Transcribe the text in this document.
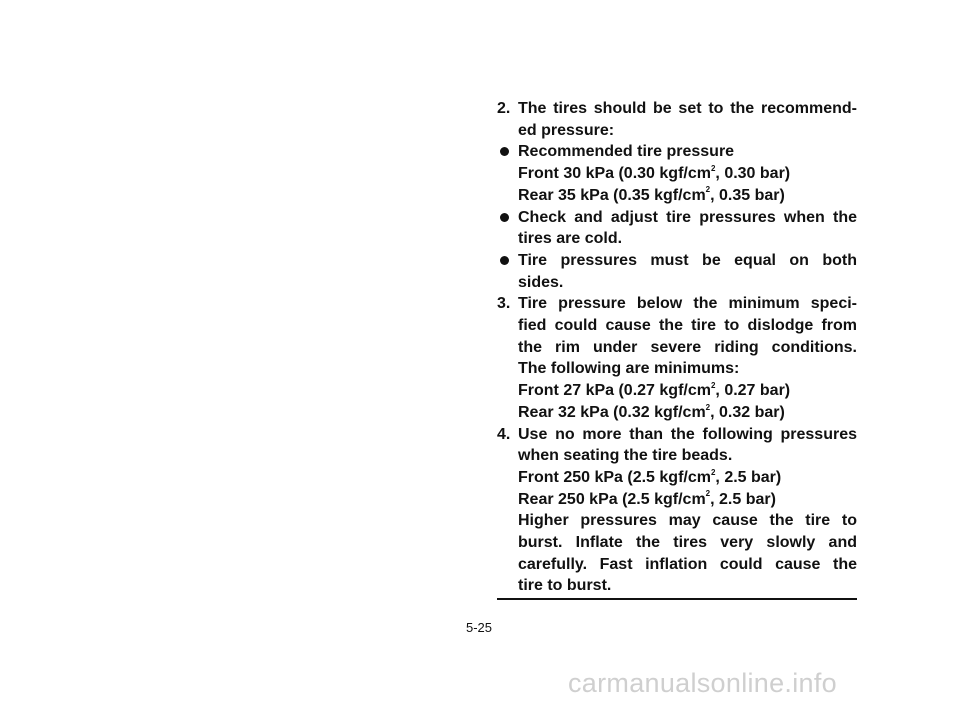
2. The tires should be set to the recommend-
ed pressure:
Recommended tire pressure
Front 30 kPa (0.30 kgf/$cm^2$, 0.30 bar)
Rear 35 kPa (0.35 kgf/$cm^2$, 0.35 bar)
Check and adjust tire pressures when the
tires are cold.
Tire pressures must be equal on both
sides.
3. Tire pressure below the minimum speci-
fied could cause the tire to dislodge from
the rim under severe riding conditions.
The following are minimums:
Front 27 kPa (0.27 kgf/$cm^2$, 0.27 bar)
Rear 32 kPa (0.32 kgf/$cm^2$, 0.32 bar)
4. Use no more than the following pressures
when seating the tire beads.
Front 250 kPa (2.5 kgf/$cm^2$, 2.5 bar)
Rear 250 kPa (2.5 kgf/$cm^2$, 2.5 bar)
Higher pressures may cause the tire to
burst. Inflate the tires very slowly and
carefully. Fast inflation could cause the
tire to burst.
5-25
carmanualsonline.info
